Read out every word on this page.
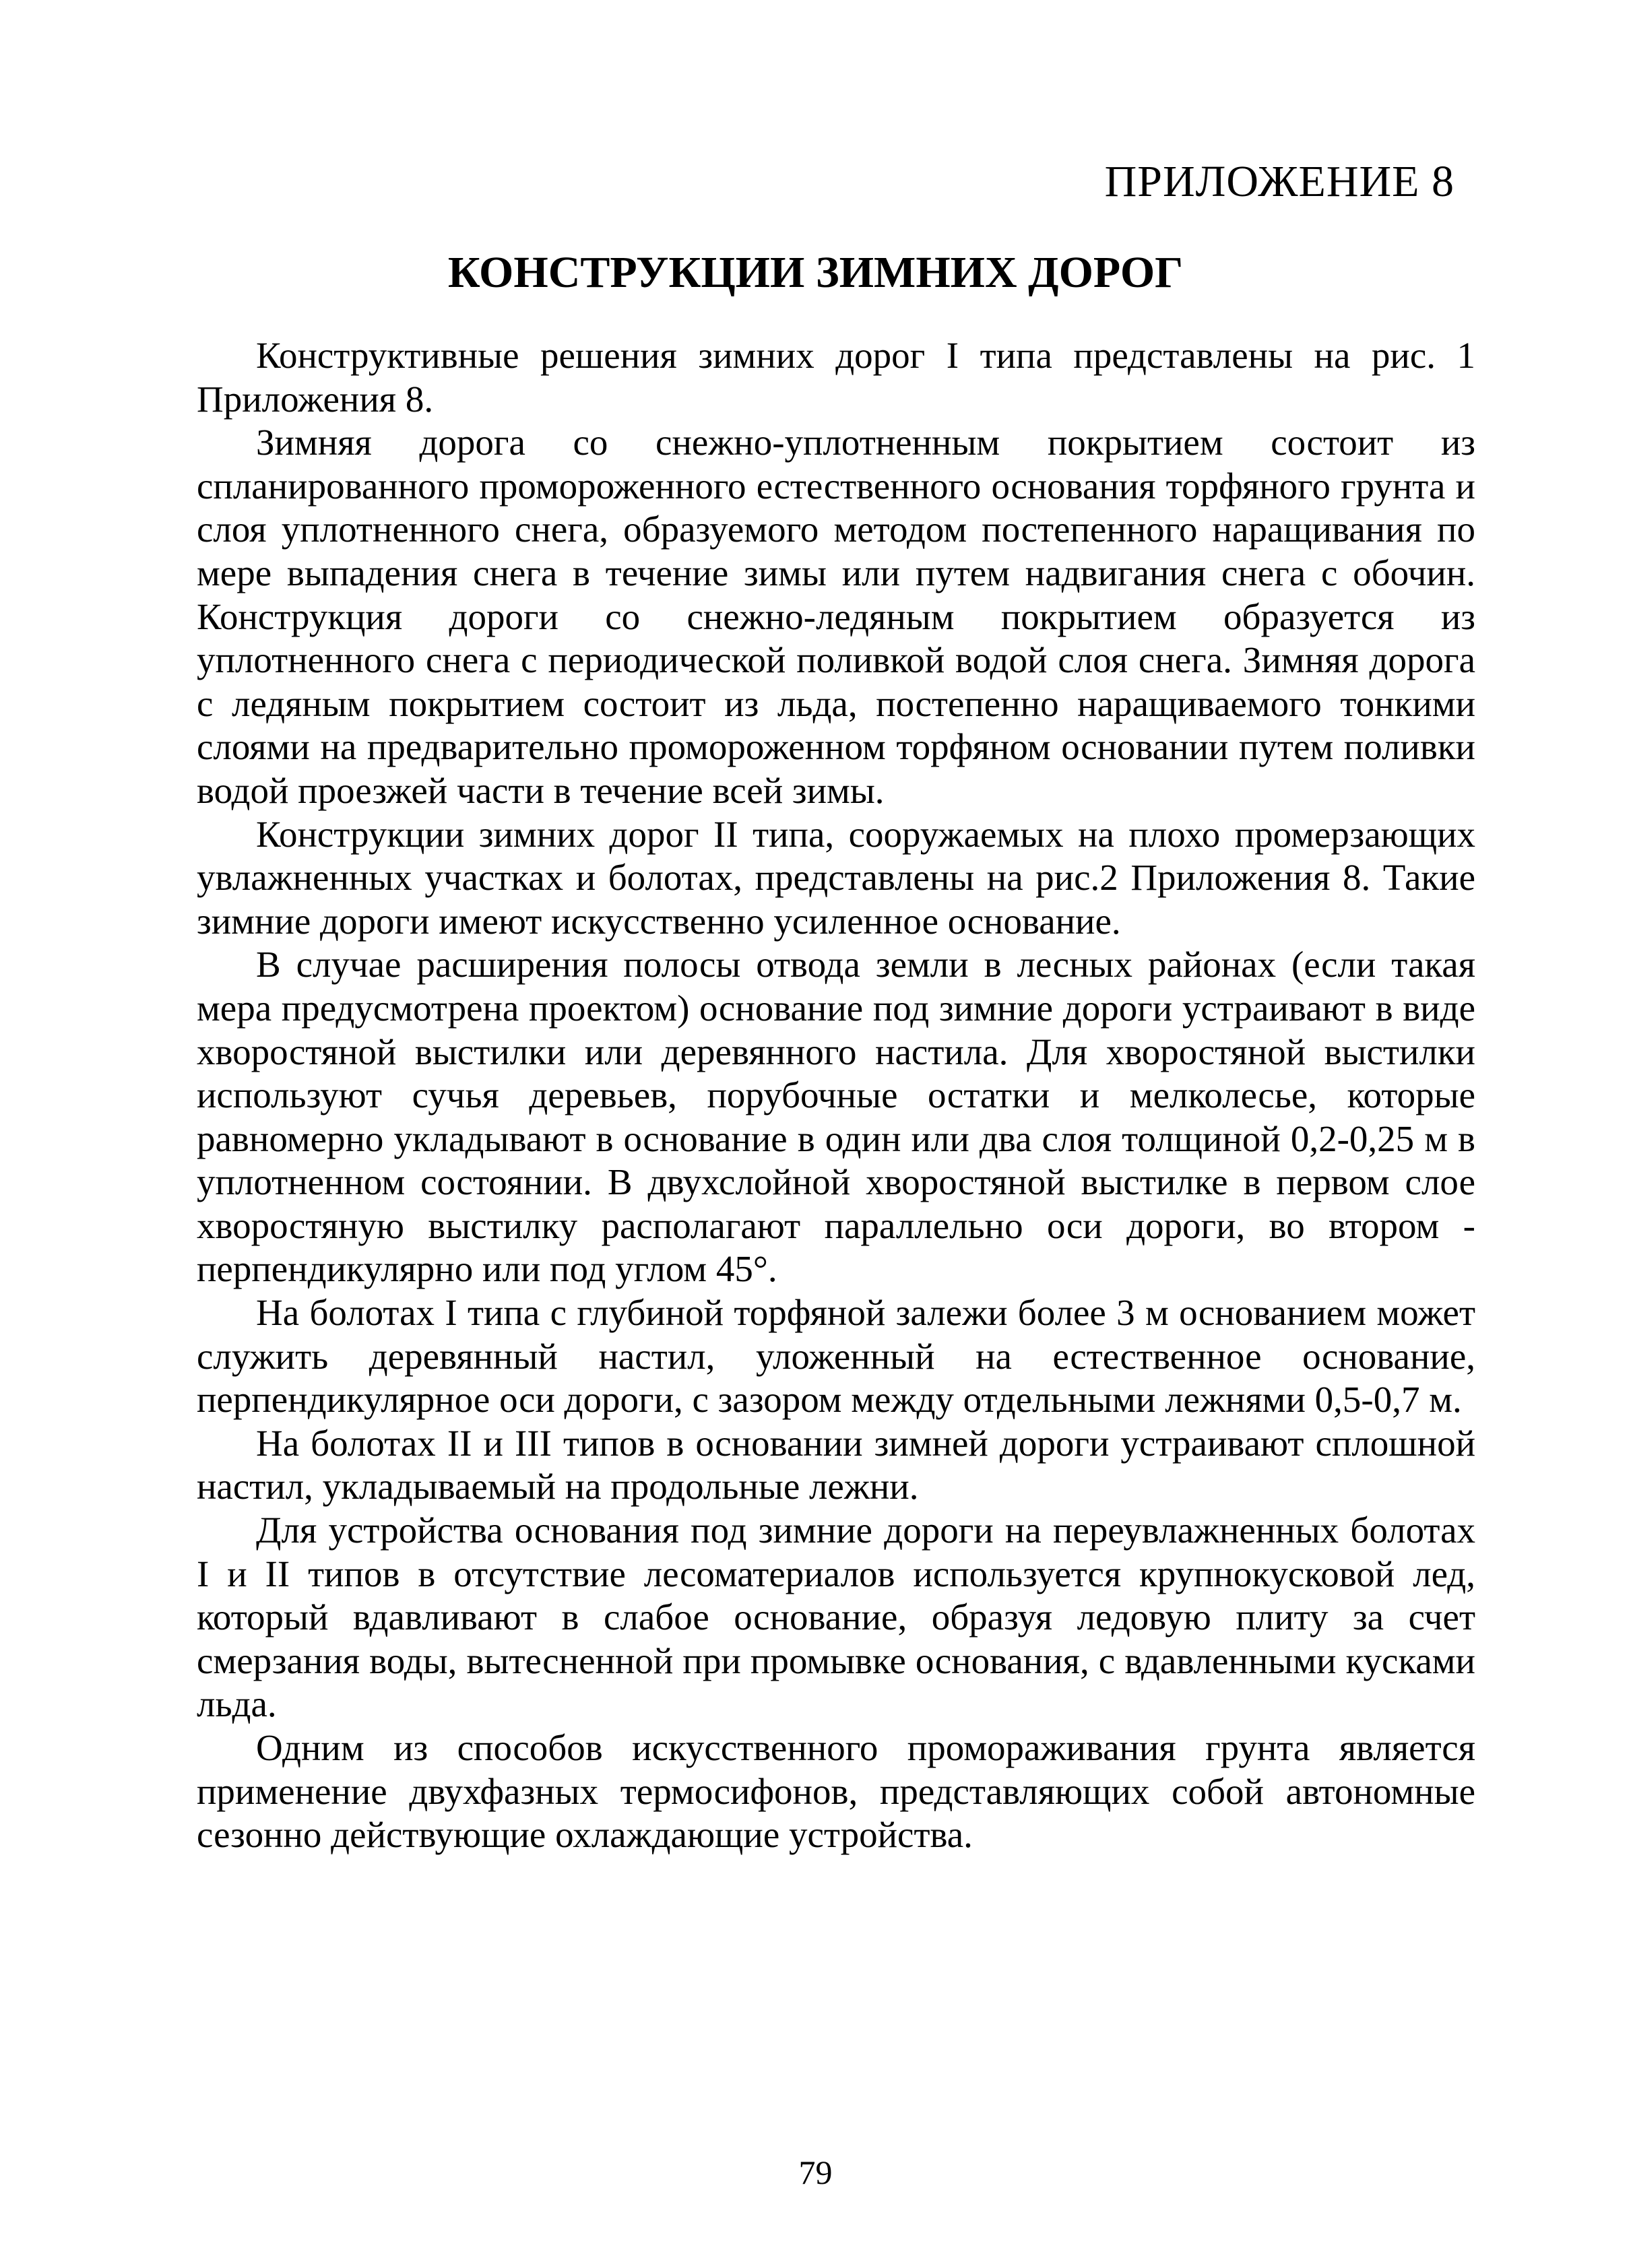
ПРИЛОЖЕНИЕ 8
КОНСТРУКЦИИ ЗИМНИХ ДОРОГ

Конструктивные решения зимних дорог I типа представлены на рис. 1 Приложения 8.

Зимняя дорога со снежно-уплотненным покрытием состоит из спланированного промороженного естественного основания торфяного грунта и слоя уплотненного снега, образуемого методом постепенного наращивания по мере выпадения снега в течение зимы или путем надвигания снега с обочин. Конструкция дороги со снежно-ледяным покрытием образуется из уплотненного снега с периодической поливкой водой слоя снега. Зимняя дорога с ледяным покрытием состоит из льда, постепенно наращиваемого тонкими слоями на предварительно промороженном торфяном основании путем поливки водой проезжей части в течение всей зимы.

Конструкции зимних дорог II типа, сооружаемых на плохо промерзающих увлажненных участках и болотах, представлены на рис.2 Приложения 8. Такие зимние дороги имеют искусственно усиленное основание.

В случае расширения полосы отвода земли в лесных районах (если такая мера предусмотрена проектом) основание под зимние дороги устраивают в виде хворостяной выстилки или деревянного настила. Для хворостяной выстилки используют сучья деревьев, порубочные остатки и мелколесье, которые равномерно укладывают в основание в один или два слоя толщиной 0,2-0,25 м в уплотненном состоянии. В двухслойной хворостяной выстилке в первом слое хворостяную выстилку располагают параллельно оси дороги, во втором - перпендикулярно или под углом 45°.

На болотах I типа с глубиной торфяной залежи более 3 м основанием может служить деревянный настил, уложенный на естественное основание, перпендикулярное оси дороги, с зазором между отдельными лежнями 0,5-0,7 м.

На болотах II и III типов в основании зимней дороги устраивают сплошной настил, укладываемый на продольные лежни.

Для устройства основания под зимние дороги на переувлажненных болотах I и II типов в отсутствие лесоматериалов используется крупнокусковой лед, который вдавливают в слабое основание, образуя ледовую плиту за счет смерзания воды, вытесненной при промывке основания, с вдавленными кусками льда.

Одним из способов искусственного промораживания грунта является применение двухфазных термосифонов, представляющих собой автономные сезонно действующие охлаждающие устройства.

79
